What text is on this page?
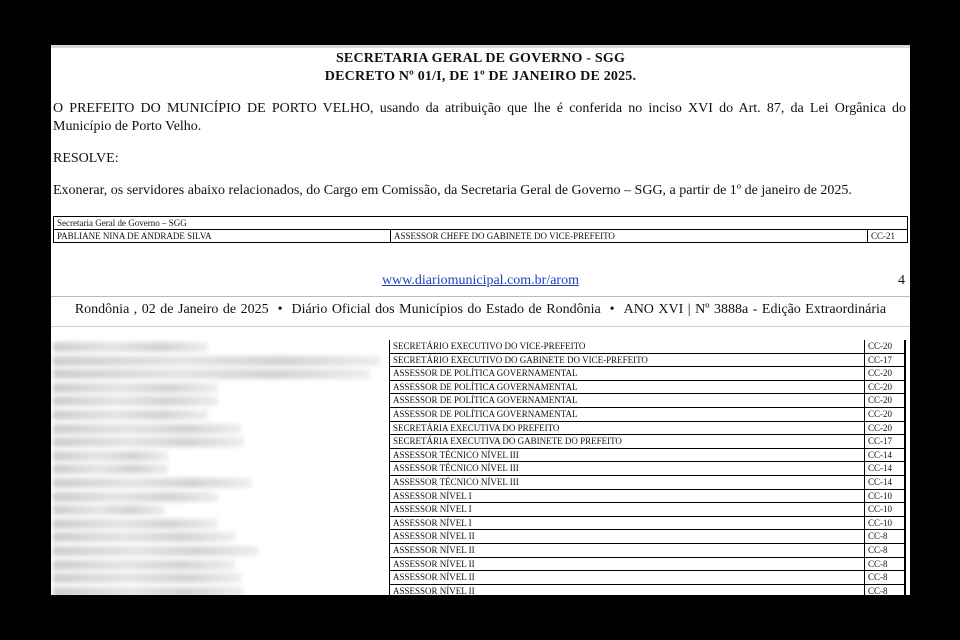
SECRETARIA GERAL DE GOVERNO - SGG
DECRETO Nº 01/I, DE 1º DE JANEIRO DE 2025.
O PREFEITO DO MUNICÍPIO DE PORTO VELHO, usando da atribuição que lhe é conferida no inciso XVI do Art. 87, da Lei Orgânica do Município de Porto Velho.
RESOLVE:
Exonerar, os servidores abaixo relacionados, do Cargo em Comissão, da Secretaria Geral de Governo – SGG, a partir de 1º de janeiro de 2025.
Secretaria Geral de Governo – SGG
PABLIANE NINA DE ANDRADE SILVA	ASSESSOR CHEFE DO GABINETE DO VICE-PREFEITO	CC-21
www.diariomunicipal.com.br/arom	4
Rondônia , 02 de Janeiro de 2025 • Diário Oficial dos Municípios do Estado de Rondônia • ANO XVI | Nº 3888a - Edição Extraordinária
SECRETÁRIO EXECUTIVO DO VICE-PREFEITO	CC-20
SECRETÁRIO EXECUTIVO DO GABINETE DO VICE-PREFEITO	CC-17
ASSESSOR DE POLÍTICA GOVERNAMENTAL	CC-20
ASSESSOR DE POLÍTICA GOVERNAMENTAL	CC-20
ASSESSOR DE POLÍTICA GOVERNAMENTAL	CC-20
ASSESSOR DE POLÍTICA GOVERNAMENTAL	CC-20
SECRETÁRIA EXECUTIVA DO PREFEITO	CC-20
SECRETÁRIA EXECUTIVA DO GABINETE DO PREFEITO	CC-17
ASSESSOR TÉCNICO NÍVEL III	CC-14
ASSESSOR TÉCNICO NÍVEL III	CC-14
ASSESSOR TÉCNICO NÍVEL III	CC-14
ASSESSOR NÍVEL I	CC-10
ASSESSOR NÍVEL I	CC-10
ASSESSOR NÍVEL I	CC-10
ASSESSOR NÍVEL II	CC-8
ASSESSOR NÍVEL II	CC-8
ASSESSOR NÍVEL II	CC-8
ASSESSOR NÍVEL II	CC-8
ASSESSOR NÍVEL II	CC-8
